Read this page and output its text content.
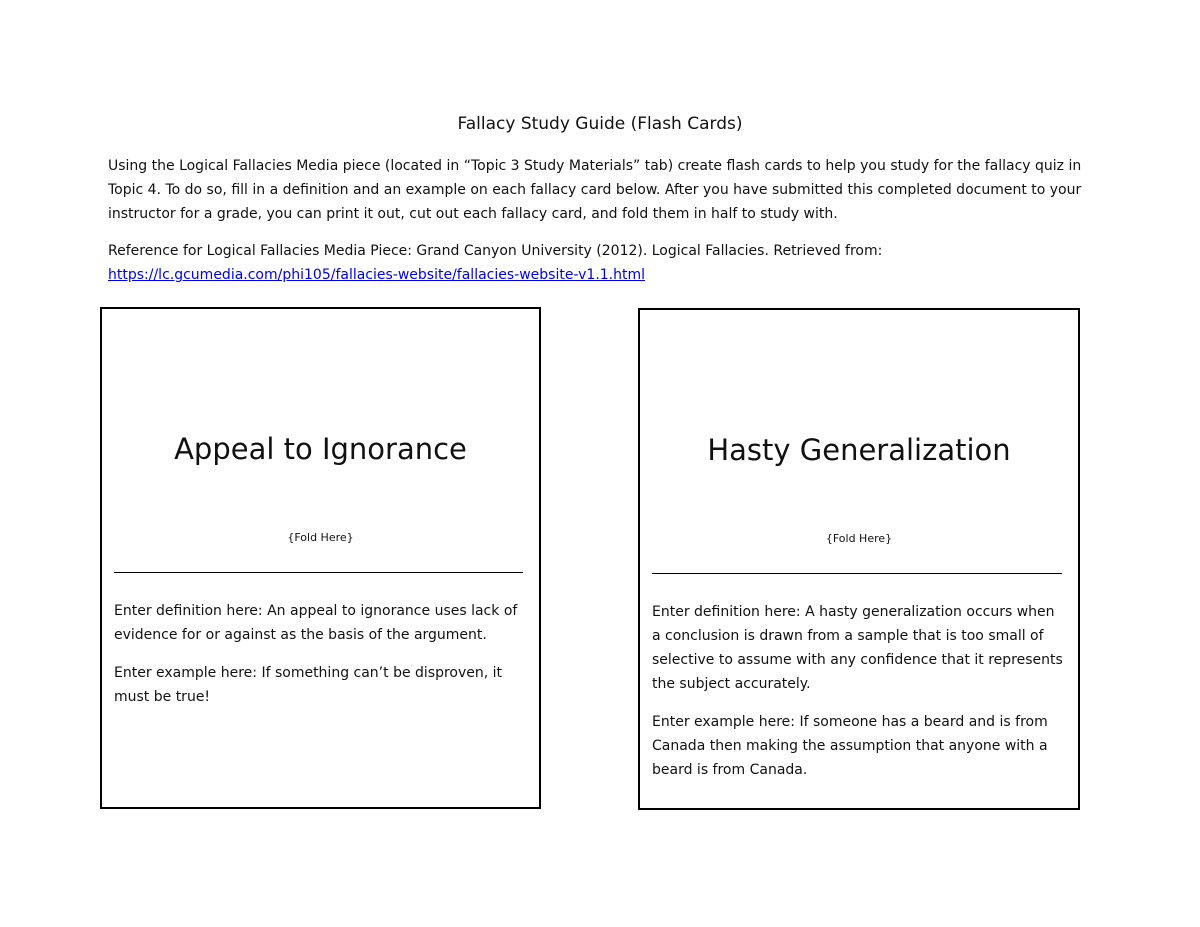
Fallacy Study Guide (Flash Cards)

Using the Logical Fallacies Media piece (located in “Topic 3 Study Materials” tab) create flash cards to help you study for the fallacy quiz in Topic 4. To do so, fill in a definition and an example on each fallacy card below. After you have submitted this completed document to your instructor for a grade, you can print it out, cut out each fallacy card, and fold them in half to study with.

Reference for Logical Fallacies Media Piece: Grand Canyon University (2012). Logical Fallacies. Retrieved from:
https://lc.gcumedia.com/phi105/fallacies-website/fallacies-website-v1.1.html

Appeal to Ignorance
{Fold Here}

Enter definition here: An appeal to ignorance uses lack of evidence for or against as the basis of the argument.

Enter example here: If something can’t be disproven, it must be true!

Hasty Generalization
{Fold Here}

Enter definition here: A hasty generalization occurs when a conclusion is drawn from a sample that is too small of selective to assume with any confidence that it represents the subject accurately.

Enter example here: If someone has a beard and is from Canada then making the assumption that anyone with a beard is from Canada.
